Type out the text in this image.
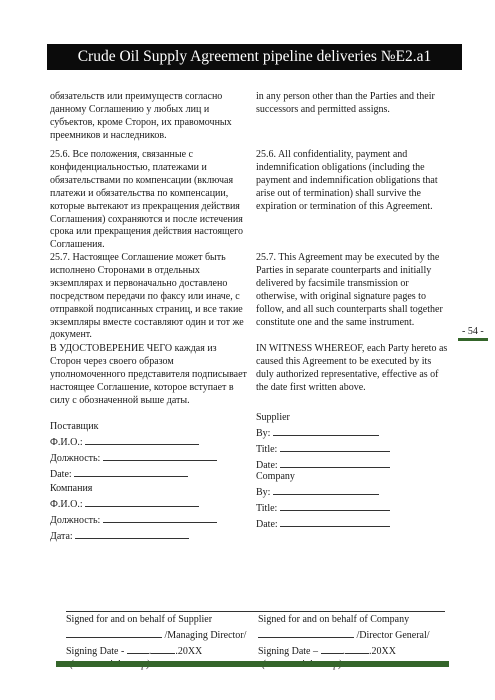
Crude Oil Supply Agreement pipeline deliveries №E2.a1
обязательств или преимуществ согласно данному Соглашению у любых лиц и субъектов, кроме Сторон, их правомочных преемников и наследников.
25.6. Все положения, связанные с конфиденциальностью, платежами и обязательствами по компенсации (включая платежи и обязательства по компенсации, которые вытекают из прекращения действия Соглашения) сохраняются и после истечения срока или прекращения действия настоящего Соглашения.
25.7. Настоящее Соглашение может быть исполнено Сторонами в отдельных экземплярах и первоначально доставлено посредством передачи по факсу или иначе, с отправкой подписанных страниц, и все такие экземпляры вместе составляют один и тот же документ.
В УДОСТОВЕРЕНИЕ ЧЕГО каждая из Сторон через своего образом уполномоченного представителя подписывает настоящее Соглашение, которое вступает в силу с обозначенной выше даты.
Поставщик
Ф.И.О.:
Должность:
Date:
Компания
Ф.И.О.:
Должность:
Дата:
in any person other than the Parties and their successors and permitted assigns.
25.6. All confidentiality, payment and indemnification obligations (including the payment and indemnification obligations that arise out of termination) shall survive the expiration or termination of this Agreement.
25.7. This Agreement may be executed by the Parties in separate counterparts and initially delivered by facsimile transmission or otherwise, with original signature pages to follow, and all such counterparts shall together constitute one and the same instrument.
IN WITNESS WHEREOF, each Party hereto as caused this Agreement to be executed by its duly authorized representative, effective as of the date first written above.
Supplier
By:
Title:
Date:
Company
By:
Title:
Date:
- 54 -
Signed for and on behalf of Supplier
/Managing Director/
Signing Date - . .20XX
Signed for and on behalf of Company
/Director General/
Signing Date – . .20XX
